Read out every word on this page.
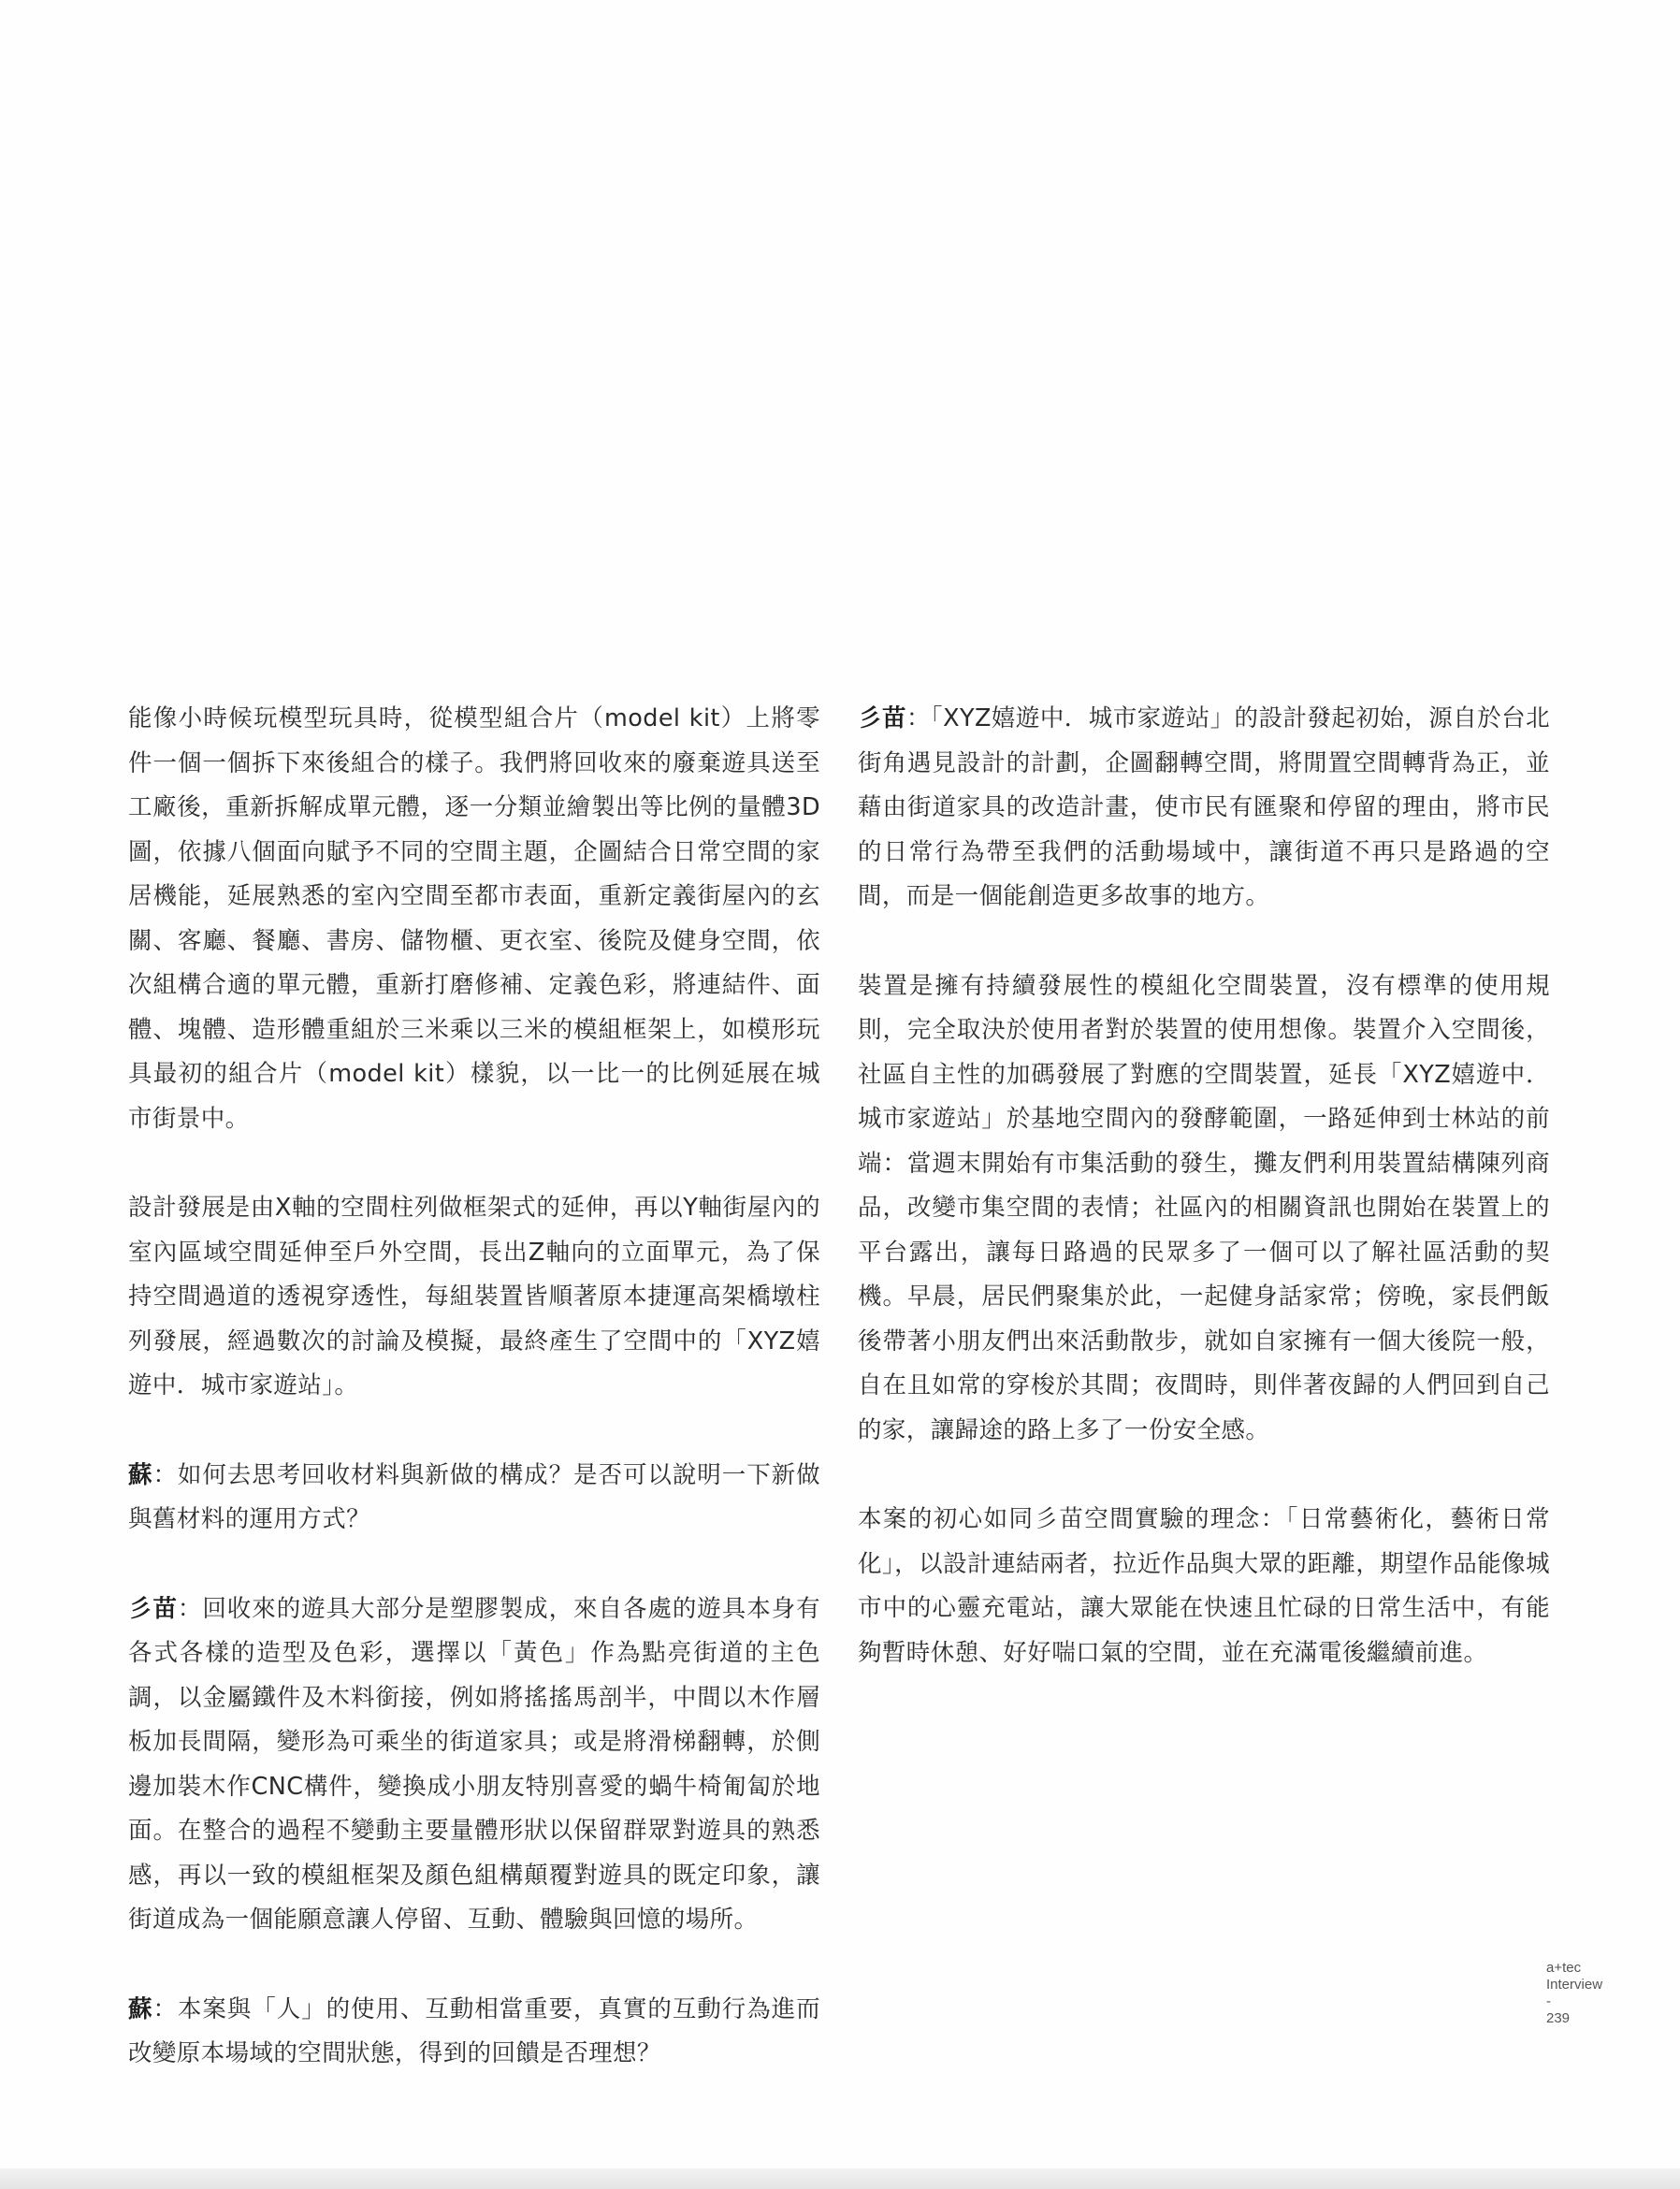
能像小時候玩模型玩具時，從模型組合片（model kit）上將零件一個一個拆下來後組合的樣子。我們將回收來的廢棄遊具送至工廠後，重新拆解成單元體，逐一分類並繪製出等比例的量體3D圖，依據八個面向賦予不同的空間主題，企圖結合日常空間的家居機能，延展熟悉的室內空間至都市表面，重新定義街屋內的玄關、客廳、餐廳、書房、儲物櫃、更衣室、後院及健身空間，依次組構合適的單元體，重新打磨修補、定義色彩，將連結件、面體、塊體、造形體重組於三米乘以三米的模組框架上，如模形玩具最初的組合片（model kit）樣貌，以一比一的比例延展在城市街景中。

設計發展是由X軸的空間柱列做框架式的延伸，再以Y軸街屋內的室內區域空間延伸至戶外空間，長出Z軸向的立面單元，為了保持空間過道的透視穿透性，每組裝置皆順著原本捷運高架橋墩柱列發展，經過數次的討論及模擬，最終產生了空間中的「XYZ嬉遊中．城市家遊站」。

蘇：如何去思考回收材料與新做的構成？是否可以說明一下新做與舊材料的運用方式？

彡苗：回收來的遊具大部分是塑膠製成，來自各處的遊具本身有各式各樣的造型及色彩，選擇以「黃色」作為點亮街道的主色調，以金屬鐵件及木料銜接，例如將搖搖馬剖半，中間以木作層板加長間隔，變形為可乘坐的街道家具；或是將滑梯翻轉，於側邊加裝木作CNC構件，變換成小朋友特別喜愛的蝸牛椅匍匐於地面。在整合的過程不變動主要量體形狀以保留群眾對遊具的熟悉感，再以一致的模組框架及顏色組構顛覆對遊具的既定印象，讓街道成為一個能願意讓人停留、互動、體驗與回憶的場所。

蘇：本案與「人」的使用、互動相當重要，真實的互動行為進而改變原本場域的空間狀態，得到的回饋是否理想？

彡苗：「XYZ嬉遊中．城市家遊站」的設計發起初始，源自於台北街角遇見設計的計劃，企圖翻轉空間，將閒置空間轉背為正，並藉由街道家具的改造計畫，使市民有匯聚和停留的理由，將市民的日常行為帶至我們的活動場域中，讓街道不再只是路過的空間，而是一個能創造更多故事的地方。

裝置是擁有持續發展性的模組化空間裝置，沒有標準的使用規則，完全取決於使用者對於裝置的使用想像。裝置介入空間後，社區自主性的加碼發展了對應的空間裝置，延長「XYZ嬉遊中．城市家遊站」於基地空間內的發酵範圍，一路延伸到士林站的前端：當週末開始有市集活動的發生，攤友們利用裝置結構陳列商品，改變市集空間的表情；社區內的相關資訊也開始在裝置上的平台露出，讓每日路過的民眾多了一個可以了解社區活動的契機。早晨，居民們聚集於此，一起健身話家常；傍晚，家長們飯後帶著小朋友們出來活動散步，就如自家擁有一個大後院一般，自在且如常的穿梭於其間；夜間時，則伴著夜歸的人們回到自己的家，讓歸途的路上多了一份安全感。

本案的初心如同彡苗空間實驗的理念：「日常藝術化，藝術日常化」，以設計連結兩者，拉近作品與大眾的距離，期望作品能像城市中的心靈充電站，讓大眾能在快速且忙碌的日常生活中，有能夠暫時休憩、好好喘口氣的空間，並在充滿電後繼續前進。

a+tec
Interview
-
239
